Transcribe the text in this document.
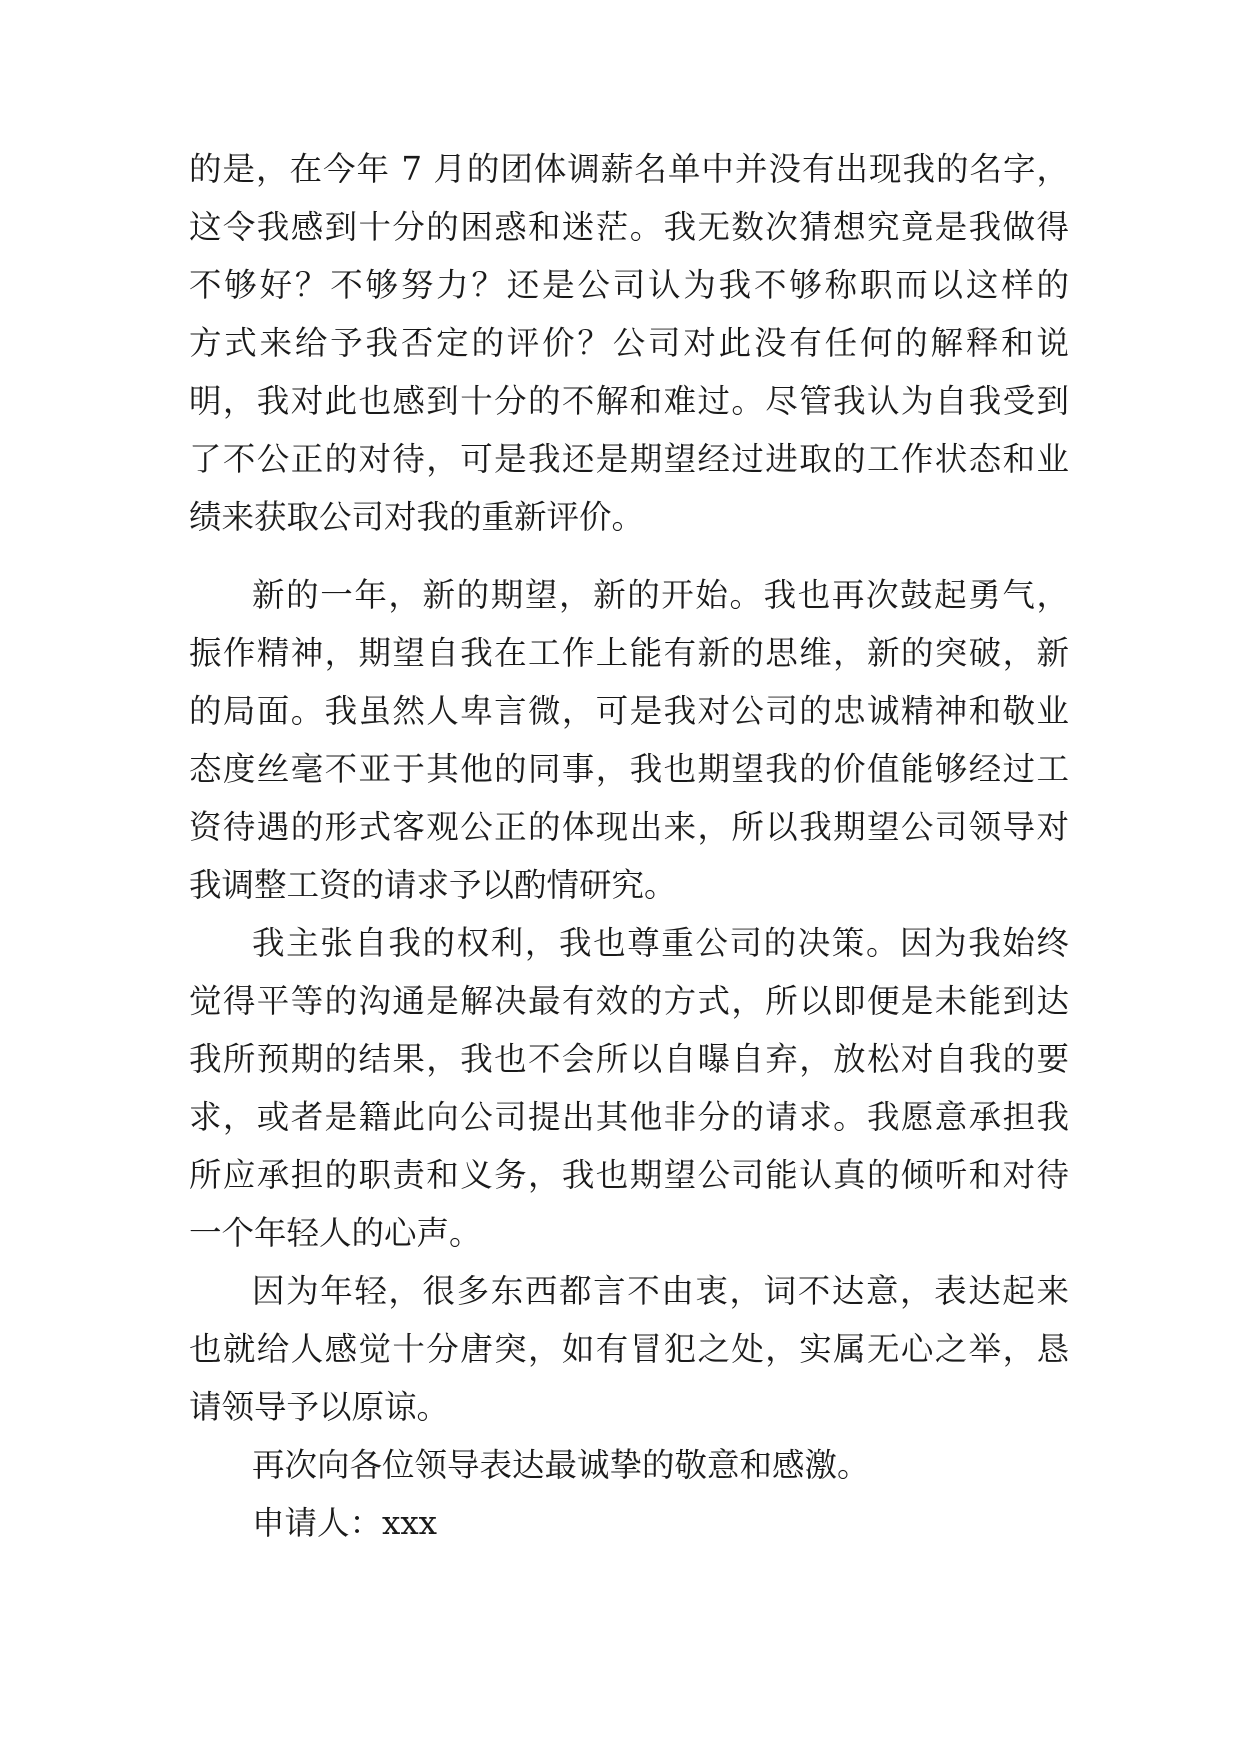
的是，在今年 7 月的团体调薪名单中并没有出现我的名字，
这令我感到十分的困惑和迷茫。我无数次猜想究竟是我做得
不够好？不够努力？还是公司认为我不够称职而以这样的
方式来给予我否定的评价？公司对此没有任何的解释和说
明，我对此也感到十分的不解和难过。尽管我认为自我受到
了不公正的对待，可是我还是期望经过进取的工作状态和业
绩来获取公司对我的重新评价。
新的一年，新的期望，新的开始。我也再次鼓起勇气，
振作精神，期望自我在工作上能有新的思维，新的突破，新
的局面。我虽然人卑言微，可是我对公司的忠诚精神和敬业
态度丝毫不亚于其他的同事，我也期望我的价值能够经过工
资待遇的形式客观公正的体现出来，所以我期望公司领导对
我调整工资的请求予以酌情研究。
我主张自我的权利，我也尊重公司的决策。因为我始终
觉得平等的沟通是解决最有效的方式，所以即便是未能到达
我所预期的结果，我也不会所以自曝自弃，放松对自我的要
求，或者是籍此向公司提出其他非分的请求。我愿意承担我
所应承担的职责和义务，我也期望公司能认真的倾听和对待
一个年轻人的心声。
因为年轻，很多东西都言不由衷，词不达意，表达起来
也就给人感觉十分唐突，如有冒犯之处，实属无心之举，恳
请领导予以原谅。
再次向各位领导表达最诚挚的敬意和感激。
申请人：xxx
